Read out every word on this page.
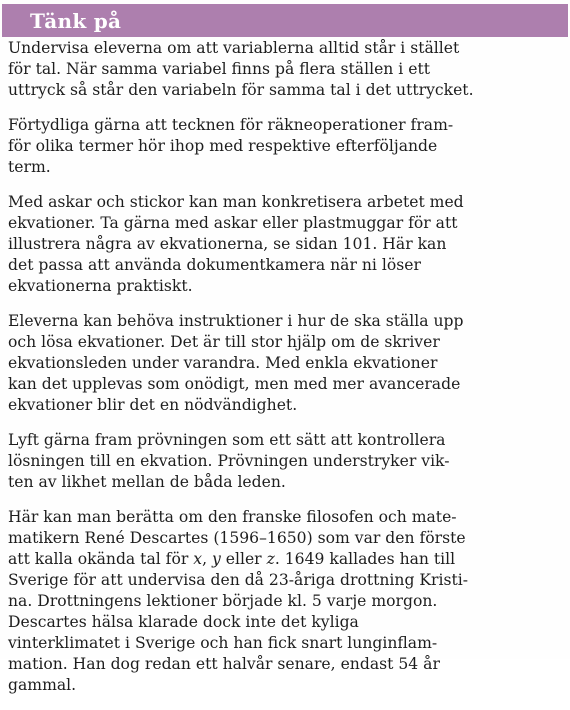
Tänk på

Undervisa eleverna om att variablerna alltid står i stället
för tal. När samma variabel finns på flera ställen i ett
uttryck så står den variabeln för samma tal i det uttrycket.

Förtydliga gärna att tecknen för räkneoperationer fram-
för olika termer hör ihop med respektive efterföljande
term.

Med askar och stickor kan man konkretisera arbetet med
ekvationer. Ta gärna med askar eller plastmuggar för att
illustrera några av ekvationerna, se sidan 101. Här kan
det passa att använda dokumentkamera när ni löser
ekvationerna praktiskt.

Eleverna kan behöva instruktioner i hur de ska ställa upp
och lösa ekvationer. Det är till stor hjälp om de skriver
ekvationsleden under varandra. Med enkla ekvationer
kan det upplevas som onödigt, men med mer avancerade
ekvationer blir det en nödvändighet.

Lyft gärna fram prövningen som ett sätt att kontrollera
lösningen till en ekvation. Prövningen understryker vik-
ten av likhet mellan de båda leden.

Här kan man berätta om den franske filosofen och mate-
matikern René Descartes (1596–1650) som var den förste
att kalla okända tal för x, y eller z. 1649 kallades han till
Sverige för att undervisa den då 23-åriga drottning Kristi-
na. Drottningens lektioner började kl. 5 varje morgon.
Descartes hälsa klarade dock inte det kyliga
vinterklimatet i Sverige och han fick snart lunginflam-
mation. Han dog redan ett halvår senare, endast 54 år
gammal.
